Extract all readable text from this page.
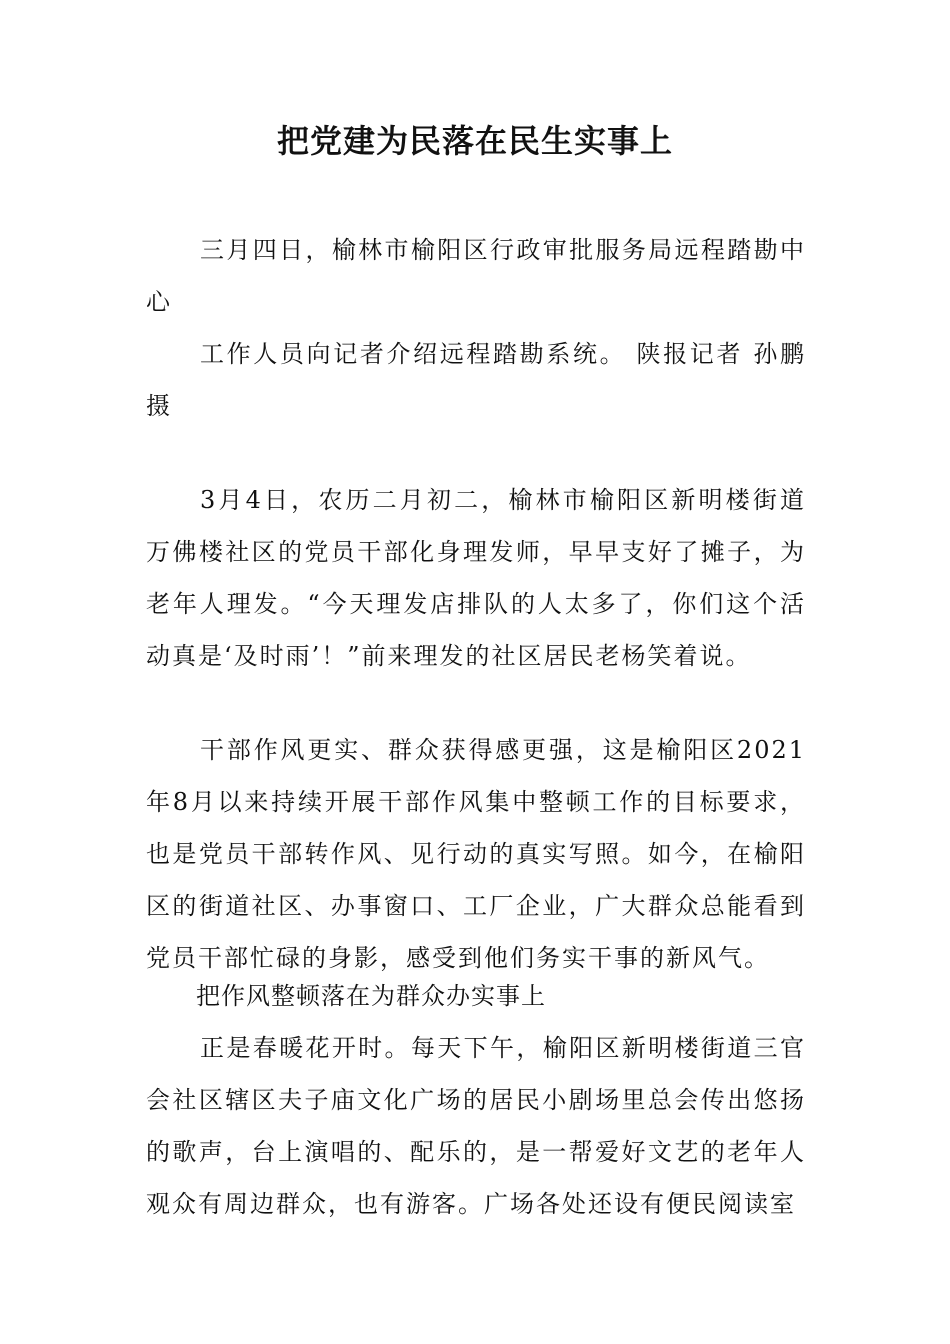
把党建为民落在民生实事上
三月四日，榆林市榆阳区行政审批服务局远程踏勘中心
工作人员向记者介绍远程踏勘系统。 陕报记者 孙鹏摄
3月4日，农历二月初二，榆林市榆阳区新明楼街道万佛楼社区的党员干部化身理发师，早早支好了摊子，为老年人理发。“今天理发店排队的人太多了，你们这个活动真是‘及时雨’！”前来理发的社区居民老杨笑着说。
干部作风更实、群众获得感更强，这是榆阳区2021年8月以来持续开展干部作风集中整顿工作的目标要求，也是党员干部转作风、见行动的真实写照。如今，在榆阳区的街道社区、办事窗口、工厂企业，广大群众总能看到党员干部忙碌的身影，感受到他们务实干事的新风气。
把作风整顿落在为群众办实事上
正是春暖花开时。每天下午，榆阳区新明楼街道三官会社区辖区夫子庙文化广场的居民小剧场里总会传出悠扬的歌声，台上演唱的、配乐的，是一帮爱好文艺的老年人观众有周边群众，也有游客。广场各处还设有便民阅读室
